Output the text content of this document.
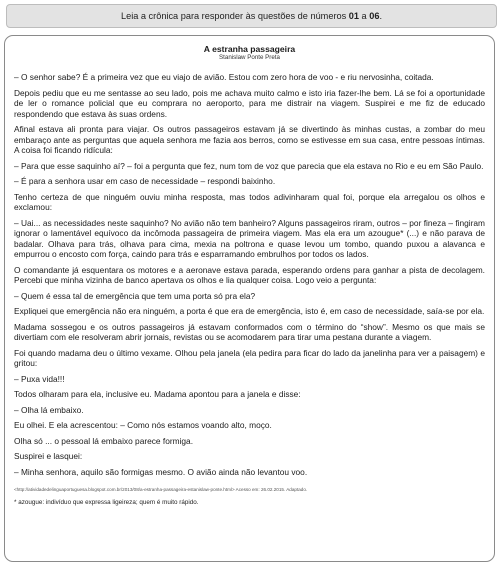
Leia a crônica para responder às questões de números 01 a 06.

A estranha passageira

Stanislaw Ponte Preta

– O senhor sabe? É a primeira vez que eu viajo de avião. Estou com zero hora de voo - e riu nervosinha, coitada.

Depois pediu que eu me sentasse ao seu lado, pois me achava muito calmo e isto iria fazer-lhe bem. Lá se foi a oportunidade de ler o romance policial que eu comprara no aeroporto, para me distrair na viagem. Suspirei e me fiz de educado respondendo que estava às suas ordens.

Afinal estava ali pronta para viajar. Os outros passageiros estavam já se divertindo às minhas custas, a zombar do meu embaraço ante as perguntas que aquela senhora me fazia aos berros, como se estivesse em sua casa, entre pessoas íntimas. A coisa foi ficando ridícula:

– Para que esse saquinho aí? – foi a pergunta que fez, num tom de voz que parecia que ela estava no Rio e eu em São Paulo.

– É para a senhora usar em caso de necessidade – respondi baixinho.

Tenho certeza de que ninguém ouviu minha resposta, mas todos adivinharam qual foi, porque ela arregalou os olhos e exclamou:

– Uai... as necessidades neste saquinho? No avião não tem banheiro? Alguns passageiros riram, outros – por fineza – fingiram ignorar o lamentável equívoco da incômoda passageira de primeira viagem. Mas ela era um azougue* (...) e não parava de badalar. Olhava para trás, olhava para cima, mexia na poltrona e quase levou um tombo, quando puxou a alavanca e empurrou o encosto com força, caindo para trás e esparramando embrulhos por todos os lados.

O comandante já esquentara os motores e a aeronave estava parada, esperando ordens para ganhar a pista de decolagem. Percebi que minha vizinha de banco apertava os olhos e lia qualquer coisa. Logo veio a pergunta:

– Quem é essa tal de emergência que tem uma porta só pra ela?

Expliquei que emergência não era ninguém, a porta é que era de emergência, isto é, em caso de necessidade, saía-se por ela.

Madama sossegou e os outros passageiros já estavam conformados com o término do “show”. Mesmo os que mais se divertiam com ele resolveram abrir jornais, revistas ou se acomodarem para tirar uma pestana durante a viagem.

Foi quando madama deu o último vexame. Olhou pela janela (ela pedira para ficar do lado da janelinha para ver a paisagem) e gritou:

– Puxa vida!!!

Todos olharam para ela, inclusive eu. Madama apontou para a janela e disse:

– Olha lá embaixo.

Eu olhei. E ela acrescentou: – Como nós estamos voando alto, moço.

Olha só ... o pessoal lá embaixo parece formiga.

Suspirei e lasquei:

– Minha senhora, aquilo são formigas mesmo. O avião ainda não levantou voo.

<http://atividadedelinguaportuguesa.blogspot.com.br/2013/08/a-estranha-passageira-estanislaw-ponte.html> Acesso em: 26.02.2015. Adaptado.

* azougue: indivíduo que expressa ligeireza; quem é muito rápido.
